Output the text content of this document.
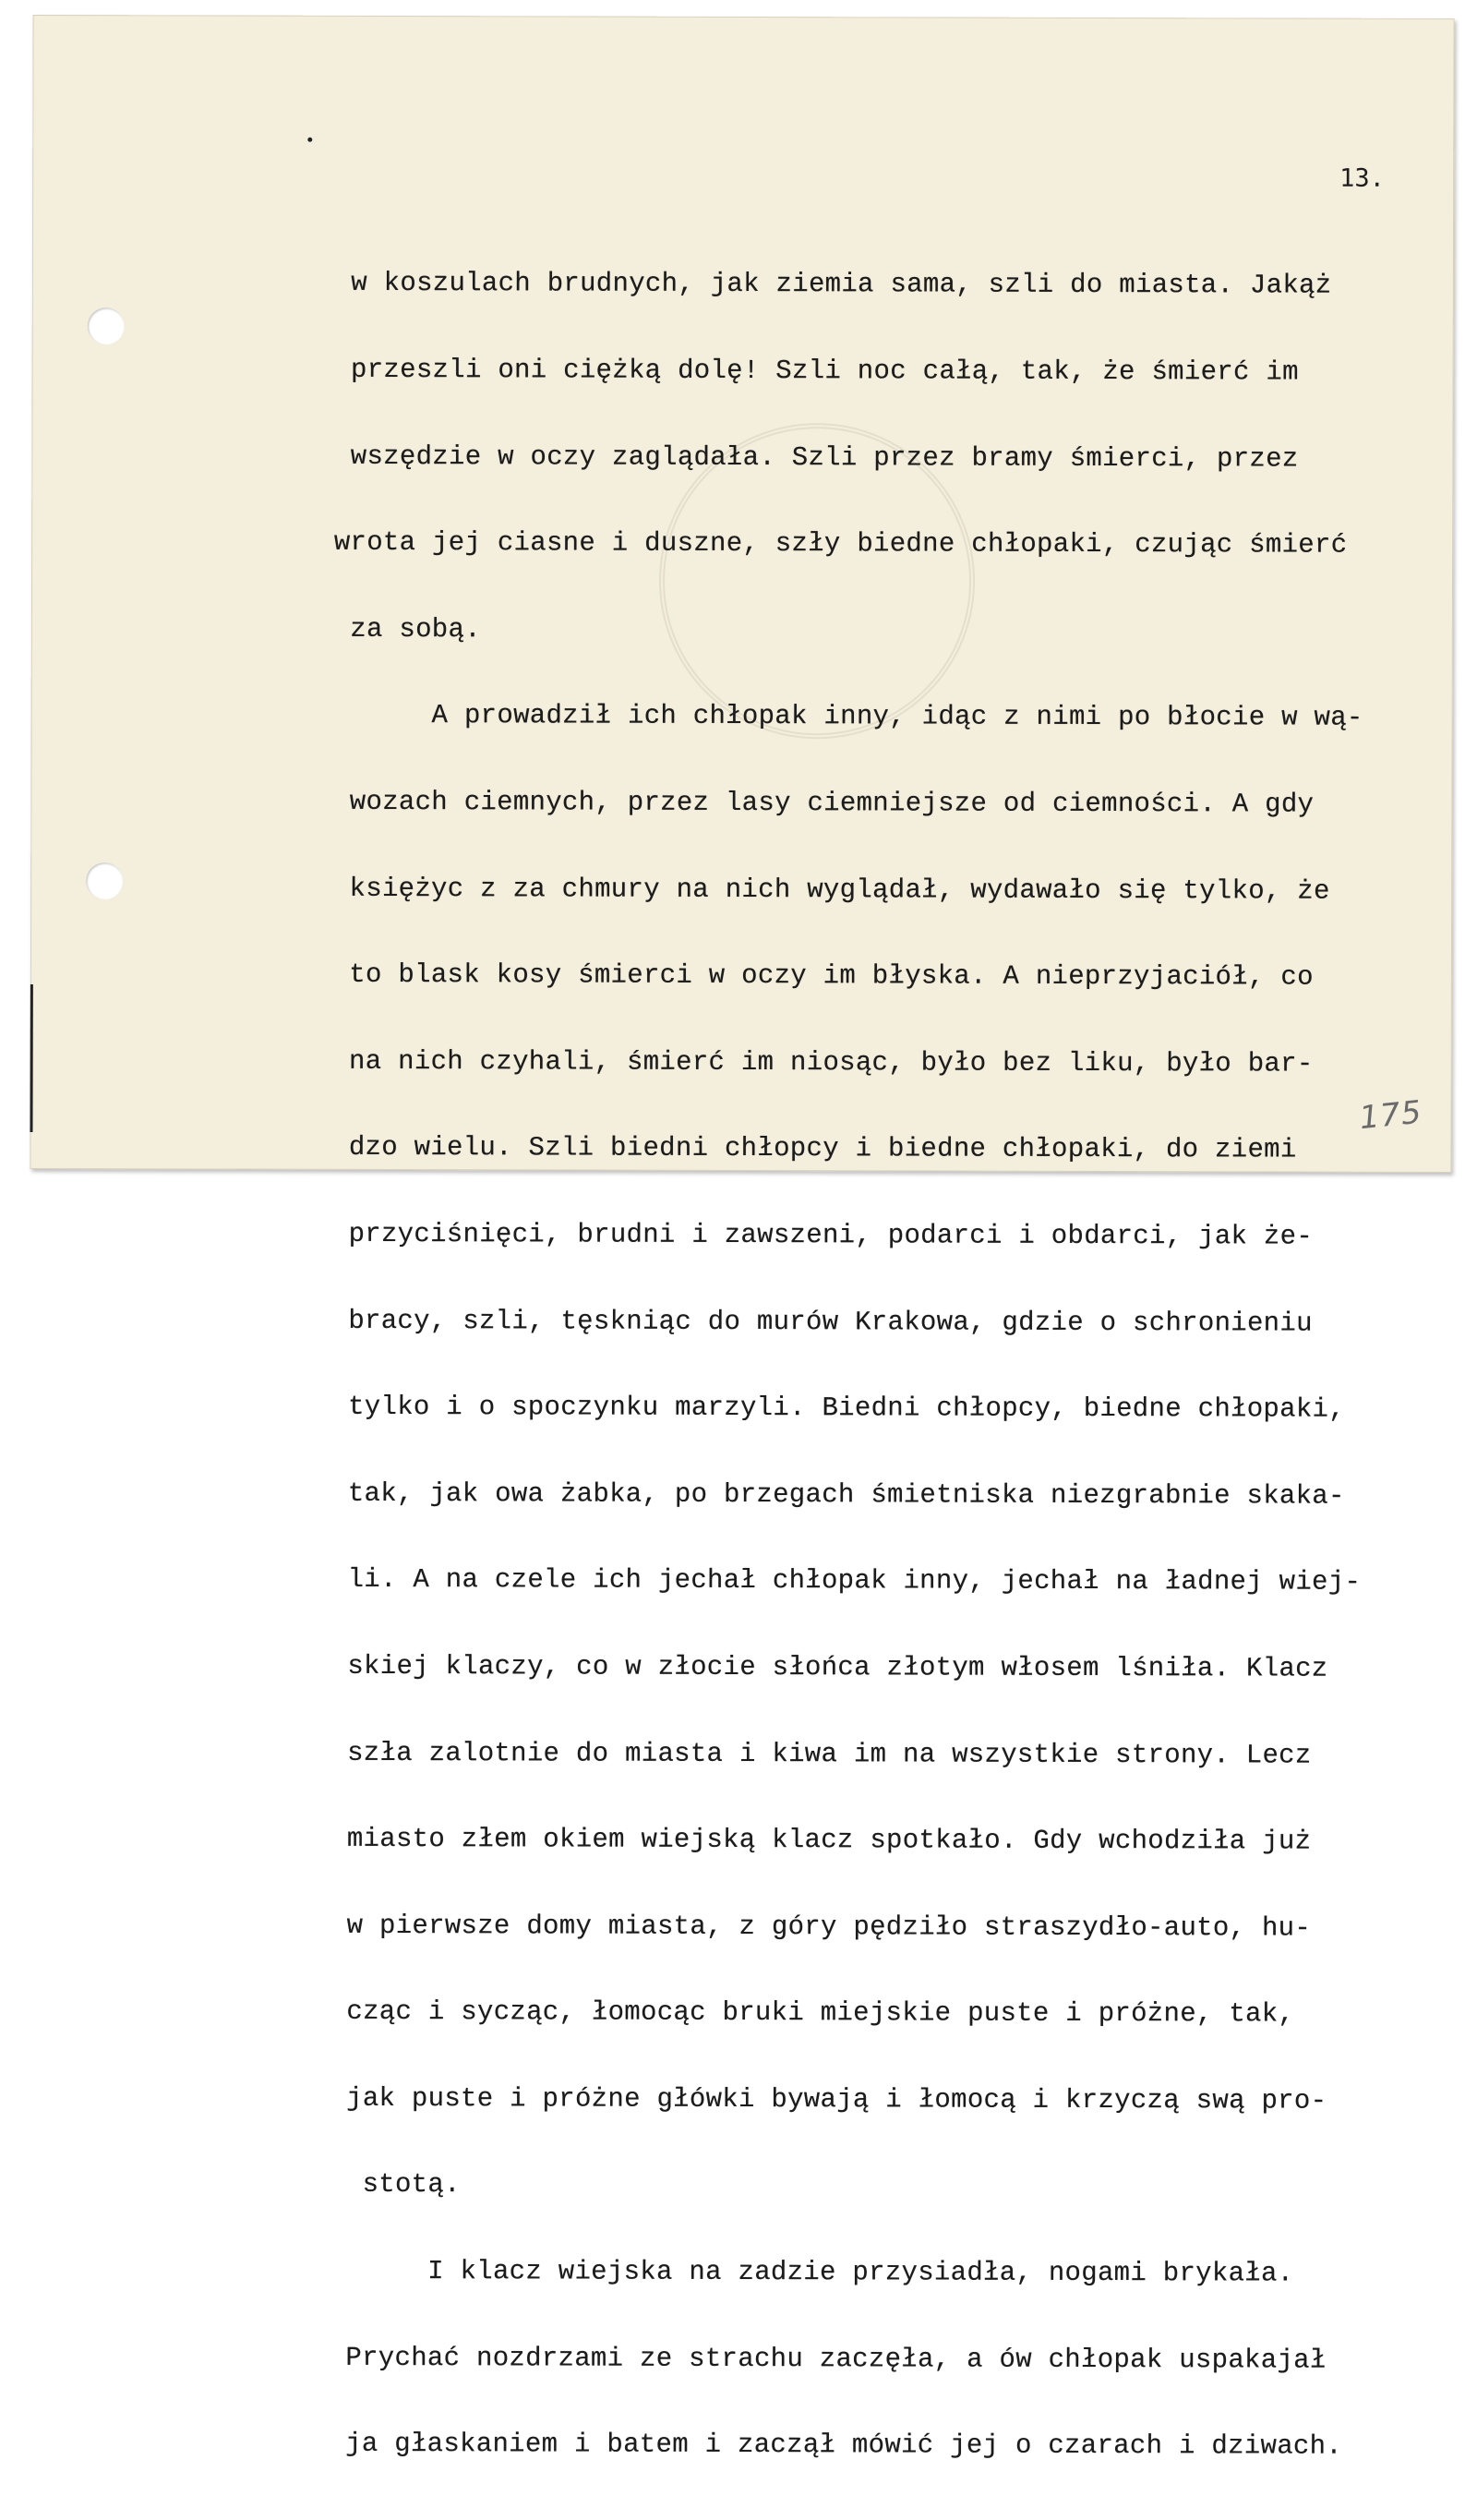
13.

w koszulach brudnych, jak ziemia sama, szli do miasta. Jakąż

przeszli oni ciężką dolę! Szli noc całą, tak, że śmierć im

wszędzie w oczy zaglądała. Szli przez bramy śmierci, przez

wrota jej ciasne i duszne, szły biedne chłopaki, czując śmierć

za sobą.

A prowadził ich chłopak inny, idąc z nimi po błocie w wą-

wozach ciemnych, przez lasy ciemniejsze od ciemności. A gdy

księżyc z za chmury na nich wyglądał, wydawało się tylko, że

to blask kosy śmierci w oczy im błyska. A nieprzyjaciół, co

na nich czyhali, śmierć im niosąc, było bez liku, było bar-

dzo wielu. Szli biedni chłopcy i biedne chłopaki, do ziemi

przyciśnięci, brudni i zawszeni, podarci i obdarci, jak że-

bracy, szli, tęskniąc do murów Krakowa, gdzie o schronieniu

tylko i o spoczynku marzyli. Biedni chłopcy, biedne chłopaki,

tak, jak owa żabka, po brzegach śmietniska niezgrabnie skaka-

li. A na czele ich jechał chłopak inny, jechał na ładnej wiej-

skiej klaczy, co w złocie słońca złotym włosem lśniła. Klacz

szła zalotnie do miasta i kiwa im na wszystkie strony. Lecz

miasto złem okiem wiejską klacz spotkało. Gdy wchodziła już

w pierwsze domy miasta, z góry pędziło straszydło-auto, hu-

cząc i sycząc, łomocąc bruki miejskie puste i próżne, tak,

jak puste i próżne główki bywają i łomocą i krzyczą swą pro-

stotą.

I klacz wiejska na zadzie przysiadła, nogami brykała.

Prychać nozdrzami ze strachu zaczęła, a ów chłopak uspakajał

ja głaskaniem i batem i zaczął mówić jej o czarach i dziwach.

175
